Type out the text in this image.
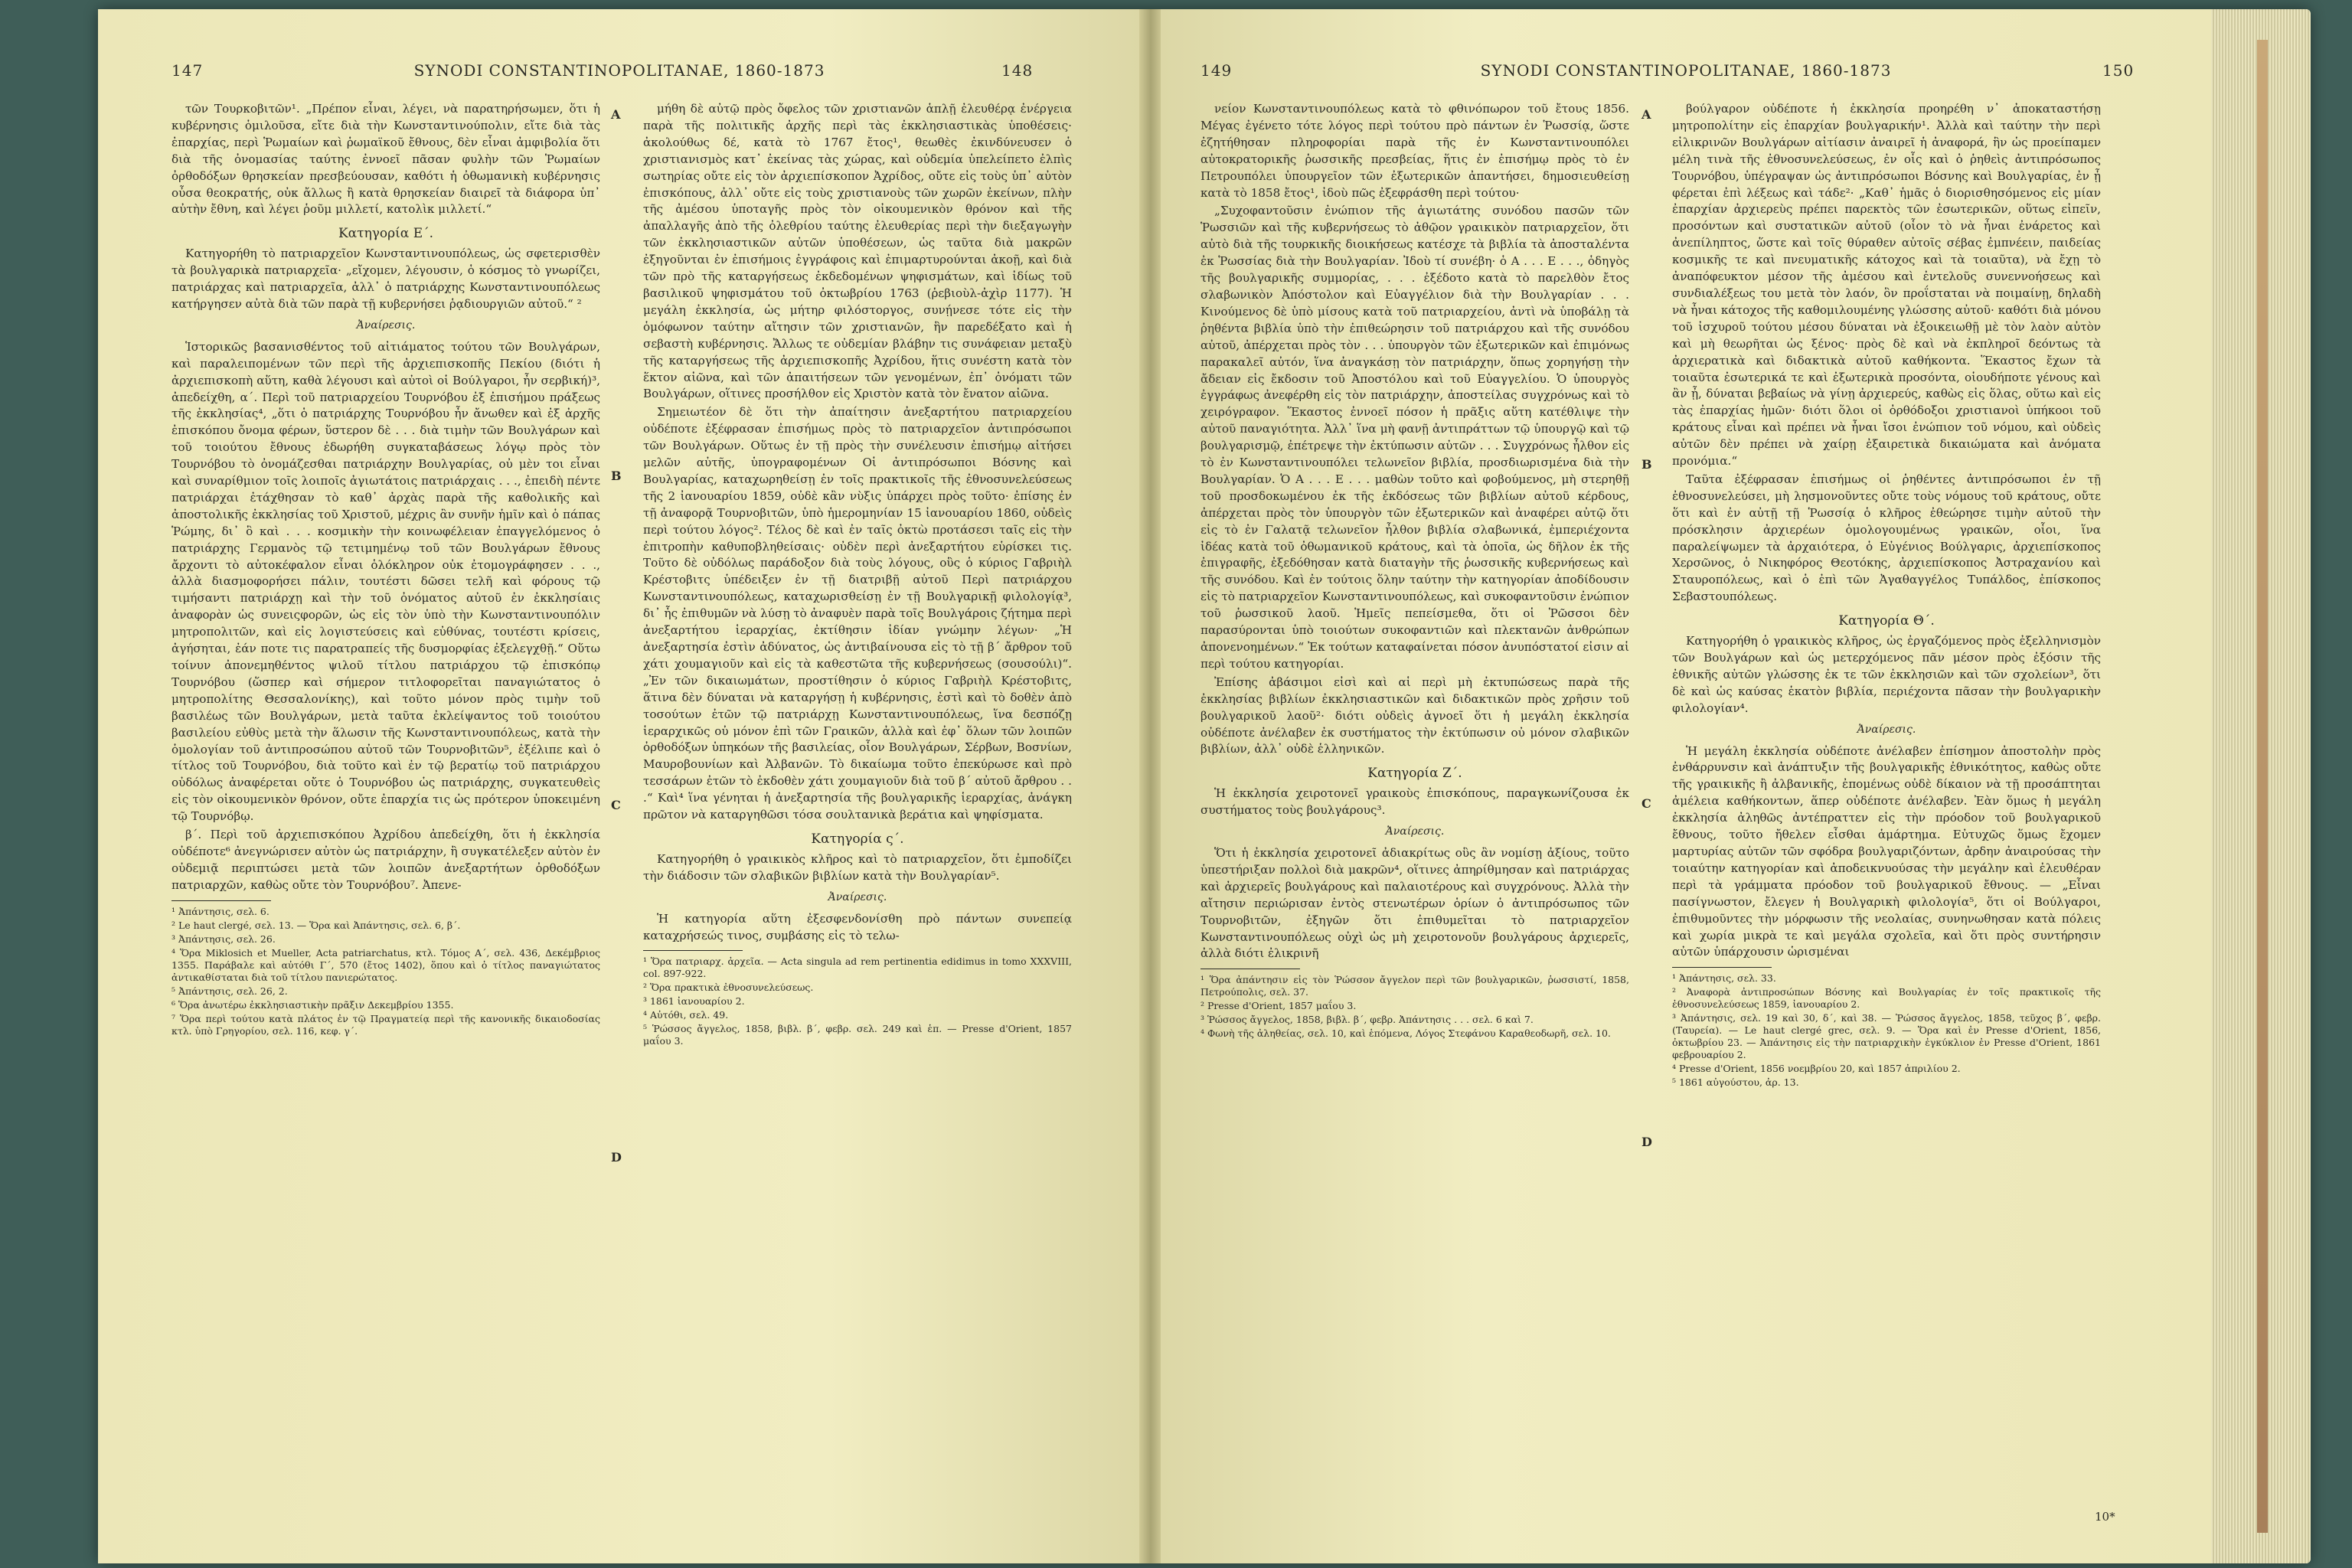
147	SYNODI CONSTANTINOPOLITANAE, 1860-1873	148

τῶν Τουρκοβιτῶν¹. „Πρέπον εἶναι, λέγει, νὰ παρατηρήσωμεν, ὅτι ἡ κυβέρνησις ὁμιλοῦσα, εἴτε διὰ τὴν Κωνσταντινούπολιν, εἴτε διὰ τὰς ἐπαρχίας, περὶ Ῥωμαίων καὶ ῥωμαϊκοῦ ἔθνους, δὲν εἶναι ἀμφιβολία ὅτι διὰ τῆς ὀνομασίας ταύτης ἐννοεῖ πᾶσαν φυλὴν τῶν Ῥωμαίων ὀρθοδόξων θρησκείαν πρεσβεύουσαν, καθότι ἡ ὀθωμανικὴ κυβέρνησις οὖσα θεοκρατής, οὐκ ἄλλως ἢ κατὰ θρησκείαν διαιρεῖ τὰ διάφορα ὑπ᾿ αὐτὴν ἔθνη, καὶ λέγει ῥοῦμ μιλλετί, κατολὶκ μιλλετί.“

Κατηγορία Ε΄.

Κατηγορήθη τὸ πατριαρχεῖον Κωνσταντινουπόλεως, ὡς σφετερισθὲν τὰ βουλγαρικὰ πατριαρχεῖα· „εἴχομεν, λέγουσιν, ὁ κόσμος τὸ γνωρίζει, πατριάρχας καὶ πατριαρχεῖα, ἀλλ᾿ ὁ πατριάρχης Κωνσταντινουπόλεως κατήργησεν αὐτὰ διὰ τῶν παρὰ τῇ κυβερνήσει ῥᾳδιουργιῶν αὐτοῦ.“ ²

Ἀναίρεσις.

Ἱστορικῶς βασανισθέντος τοῦ αἰτιάματος τούτου τῶν Βουλγάρων, καὶ παραλειπομένων τῶν περὶ τῆς ἀρχιεπισκοπῆς Πεκίου (διότι ἡ ἀρχιεπισκοπὴ αὕτη, καθὰ λέγουσι καὶ αὐτοὶ οἱ Βούλγαροι, ἦν σερβική)³, ἀπεδείχθη, α΄. Περὶ τοῦ πατριαρχείου Τουρνόβου ἐξ ἐπισήμου πράξεως τῆς ἐκκλησίας⁴, „ὅτι ὁ πατριάρχης Τουρνόβου ἦν ἄνωθεν καὶ ἐξ ἀρχῆς ἐπισκόπου ὄνομα φέρων, ὕστερον δὲ . . . διὰ τιμὴν τῶν Βουλγάρων καὶ τοῦ τοιούτου ἔθνους ἐδωρήθη συγκαταβάσεως λόγῳ πρὸς τὸν Τουρνόβου τὸ ὀνομάζεσθαι πατριάρχην Βουλγαρίας, οὐ μὲν τοι εἶναι καὶ συναρίθμιον τοῖς λοιποῖς ἀγιωτάτοις πατριάρχαις . . ., ἐπειδὴ πέντε πατριάρχαι ἐτάχθησαν τὸ καθ᾿ ἀρχὰς παρὰ τῆς καθολικῆς καὶ ἀποστολικῆς ἐκκλησίας τοῦ Χριστοῦ, μέχρις ἂν συνῆν ἡμῖν καὶ ὁ πάπας Ῥώμης, δι᾿ ὃ καὶ . . . κοσμικὴν τὴν κοινωφέλειαν ἐπαγγελόμενος ὁ πατριάρχης Γερμανὸς τῷ τετιμημένῳ τοῦ τῶν Βουλγάρων ἔθνους ἄρχοντι τὸ αὐτοκέφαλον εἶναι ὁλόκληρον οὐκ ἐτομογράφησεν . . ., ἀλλὰ διασμοφορήσει πάλιν, τουτέστι δῶσει τελῆ καὶ φόρους τῷ τιμήσαντι πατριάρχῃ καὶ τὴν τοῦ ὀνόματος αὐτοῦ ἐν ἐκκλησίαις ἀναφορὰν ὡς συνειςφορῶν, ὡς εἰς τὸν ὑπὸ τὴν Κωνσταντινουπόλιν μητροπολιτῶν, καὶ εἰς λογιστεύσεις καὶ εὐθύνας, τουτέστι κρίσεις, ἀγήσηται, ἐάν ποτε τις παρατραπείς τῆς δυσμορφίας ἐξελεγχθῇ.“ Οὕτω τοίνυν ἀπονεμηθέντος ψιλοῦ τίτλου πατριάρχου τῷ ἐπισκόπῳ Τουρνόβου (ὥσπερ καὶ σήμερον τιτλοφορεῖται παναγιώτατος ὁ μητροπολίτης Θεσσαλονίκης), καὶ τοῦτο μόνον πρὸς τιμὴν τοῦ βασιλέως τῶν Βουλγάρων, μετὰ ταῦτα ἐκλείψαντος τοῦ τοιούτου βασιλείου εὐθὺς μετὰ τὴν ἅλωσιν τῆς Κωνσταντινουπόλεως, κατὰ τὴν ὁμολογίαν τοῦ ἀντιπροσώπου αὐτοῦ τῶν Τουρνοβιτῶν⁵, ἐξέλιπε καὶ ὁ τίτλος τοῦ Τουρνόβου, διὰ τοῦτο καὶ ἐν τῷ βερατίῳ τοῦ πατριάρχου οὐδόλως ἀναφέρεται οὔτε ὁ Τουρνόβου ὡς πατριάρχης, συγκατευθεὶς εἰς τὸν οἰκουμενικὸν θρόνον, οὔτε ἐπαρχία τις ὡς πρότερον ὑποκειμένη τῷ Τουρνόβῳ.

β΄. Περὶ τοῦ ἀρχιεπισκόπου Ἀχρίδου ἀπεδείχθη, ὅτι ἡ ἐκκλησία οὐδέποτε⁶ ἀνεγνώρισεν αὐτὸν ὡς πατριάρχην, ἢ συγκατέλεξεν αὐτὸν ἐν οὐδεμιᾷ περιπτώσει μετὰ τῶν λοιπῶν ἀνεξαρτήτων ὀρθοδόξων πατριαρχῶν, καθὼς οὔτε τὸν Τουρνόβου⁷. Ἀπενε-

¹ Ἀπάντησις, σελ. 6.

² Le haut clergé, σελ. 13. — Ὅρα καὶ Ἀπάντησις, σελ. 6, β΄.

³ Ἀπάντησις, σελ. 26.

⁴ Ὅρα Miklosich et Mueller, Acta patriarchatus, κτλ. Τόμος Α΄, σελ. 436, Δεκέμβριος 1355. Παράβαλε καὶ αὐτόθι Γ΄, 570 (ἔτος 1402), ὅπου καὶ ὁ τίτλος παναγιώτατος ἀντικαθίσταται διὰ τοῦ τίτλου πανιερώτατος.

⁵ Ἀπάντησις, σελ. 26, 2.

⁶ Ὅρα ἀνωτέρω ἐκκλησιαστικὴν πρᾶξιν Δεκεμβρίου 1355.

⁷ Ὅρα περὶ τούτου κατὰ πλάτος ἐν τῷ Πραγματείᾳ περὶ τῆς κανονικῆς δικαιοδοσίας κτλ. ὑπὸ Γρηγορίου, σελ. 116, κεφ. γ΄.

μήθη δὲ αὐτῷ πρὸς ὄφελος τῶν χριστιανῶν ἁπλῇ ἐλευθέρᾳ ἐνέργεια παρὰ τῆς πολιτικῆς ἀρχῆς περὶ τὰς ἐκκλησιαστικὰς ὑποθέσεις· ἀκολούθως δέ, κατὰ τὸ 1767 ἔτος¹, θεωθὲς ἐκινδύνευσεν ὁ χριστιανισμὸς κατ᾿ ἐκείνας τὰς χώρας, καὶ οὐδεμία ὑπελείπετο ἐλπὶς σωτηρίας οὔτε εἰς τὸν ἀρχιεπίσκοπον Ἀχρίδος, οὔτε εἰς τοὺς ὑπ᾿ αὐτὸν ἐπισκόπους, ἀλλ᾿ οὔτε εἰς τοὺς χριστιανοὺς τῶν χωρῶν ἐκείνων, πλὴν τῆς ἀμέσου ὑποταγῆς πρὸς τὸν οἰκουμενικὸν θρόνον καὶ τῆς ἀπαλλαγῆς ἀπὸ τῆς ὀλεθρίου ταύτης ἐλευθερίας περὶ τὴν διεξαγωγὴν τῶν ἐκκλησιαστικῶν αὐτῶν ὑποθέσεων, ὡς ταῦτα διὰ μακρῶν ἐξηγοῦνται ἐν ἐπισήμοις ἐγγράφοις καὶ ἐπιμαρτυρούνται ἀκοῇ, καὶ διὰ τῶν πρὸ τῆς καταργήσεως ἐκδεδομένων ψηφισμάτων, καὶ ἰδίως τοῦ βασιλικοῦ ψηφισμάτου τοῦ ὀκτωβρίου 1763 (ῥεβιοὺλ-ἀχὶρ 1177). Ἡ μεγάλη ἐκκλησία, ὡς μήτηρ φιλόστοργος, συνῄνεσε τότε εἰς τὴν ὁμόφωνον ταύτην αἴτησιν τῶν χριστιανῶν, ἣν παρεδέξατο καὶ ἡ σεβαστὴ κυβέρνησις. Ἄλλως τε οὐδεμίαν βλάβην τις συνάφειαν μεταξὺ τῆς καταργήσεως τῆς ἀρχιεπισκοπῆς Ἀχρίδου, ἥτις συνέστη κατὰ τὸν ἕκτον αἰῶνα, καὶ τῶν ἀπαιτήσεων τῶν γενομένων, ἐπ᾿ ὀνόματι τῶν Βουλγάρων, οἵτινες προσήλθον εἰς Χριστὸν κατὰ τὸν ἔνατον αἰῶνα.

Σημειωτέον δὲ ὅτι τὴν ἀπαίτησιν ἀνεξαρτήτου πατριαρχείου οὐδέποτε ἐξέφρασαν ἐπισήμως πρὸς τὸ πατριαρχεῖον ἀντιπρόσωποι τῶν Βουλγάρων. Οὕτως ἐν τῇ πρὸς τὴν συνέλευσιν ἐπισήμῳ αἰτήσει μελῶν αὐτῆς, ὑπογραφομένων Οἱ ἀντιπρόσωποι Βόσνης καὶ Βουλγαρίας, καταχωρηθείσῃ ἐν τοῖς πρακτικοῖς τῆς ἐθνοσυνελεύσεως τῆς 2 ἰανουαρίου 1859, οὐδὲ κἂν νὺξις ὑπάρχει πρὸς τοῦτο· ἐπίσης ἐν τῇ ἀναφορᾷ Τουρνοβιτῶν, ὑπὸ ἡμερομηνίαν 15 ἰανουαρίου 1860, οὐδεὶς περὶ τούτου λόγος². Τέλος δὲ καὶ ἐν ταῖς ὀκτὼ προτάσεσι ταῖς εἰς τὴν ἐπιτροπὴν καθυποβληθείσαις· οὐδὲν περὶ ἀνεξαρτήτου εὑρίσκει τις. Τοῦτο δὲ οὐδόλως παράδοξον διὰ τοὺς λόγους, οὓς ὁ κύριος Γαβριὴλ Κρέστοβιτς ὑπέδειξεν ἐν τῇ διατριβῇ αὐτοῦ Περὶ πατριάρχου Κωνσταντινουπόλεως, καταχωρισθείσῃ ἐν τῇ Βουλγαρικῇ φιλολογίᾳ³, δι᾿ ἧς ἐπιθυμῶν νὰ λύσῃ τὸ ἀναφυὲν παρὰ τοῖς Βουλγάροις ζήτημα περὶ ἀνεξαρτήτου ἱεραρχίας, ἐκτίθησιν ἰδίαν γνώμην λέγων· „Ἡ ἀνεξαρτησία ἐστὶν ἀδύνατος, ὡς ἀντιβαίνουσα εἰς τὸ τῇ β΄ ἄρθρον τοῦ χάτι χουμαγιοῦν καὶ εἰς τὰ καθεστῶτα τῆς κυβερνήσεως (σουσούλι)“. „Ἐν τῶν δικαιωμάτων, προστίθησιν ὁ κύριος Γαβριὴλ Κρέστοβιτς, ἅτινα δὲν δύναται νὰ καταργήσῃ ἡ κυβέρνησις, ἐστὶ καὶ τὸ δοθὲν ἀπὸ τοσούτων ἐτῶν τῷ πατριάρχῃ Κωνσταντινουπόλεως, ἵνα δεσπόζῃ ἱεραρχικῶς οὐ μόνον ἐπὶ τῶν Γραικῶν, ἀλλὰ καὶ ἐφ᾿ ὅλων τῶν λοιπῶν ὀρθοδόξων ὑπηκόων τῆς βασιλείας, οἷον Βουλγάρων, Σέρβων, Βοσνίων, Μαυροβουνίων καὶ Ἀλβανῶν. Τὸ δικαίωμα τοῦτο ἐπεκύρωσε καὶ πρὸ τεσσάρων ἐτῶν τὸ ἐκδοθὲν χάτι χουμαγιοῦν διὰ τοῦ β΄ αὐτοῦ ἄρθρου . . .“ Καὶ⁴ ἵνα γένηται ἡ ἀνεξαρτησία τῆς βουλγαρικῆς ἱεραρχίας, ἀνάγκη πρῶτον νὰ καταργηθῶσι τόσα σουλτανικὰ βεράτια καὶ ψηφίσματα.

Κατηγορία ς΄.

Κατηγορήθη ὁ γραικικὸς κλῆρος καὶ τὸ πατριαρχεῖον, ὅτι ἐμποδίζει τὴν διάδοσιν τῶν σλαβικῶν βιβλίων κατὰ τὴν Βουλγαρίαν⁵.

Ἀναίρεσις.

Ἡ κατηγορία αὕτη ἐξεσφενδονίσθη πρὸ πάντων συνεπείᾳ καταχρήσεώς τινος, συμβάσης εἰς τὸ τελω-

¹ Ὅρα πατριαρχ. ἀρχεῖα. — Acta singula ad rem pertinentia edidimus in tomo XXXVIII, col. 897-922.

² Ὅρα πρακτικὰ ἐθνοσυνελεύσεως.

³ 1861 ἰανουαρίου 2.

⁴ Αὐτόθι, σελ. 49.

⁵ Ῥώσσος ἄγγελος, 1858, βιβλ. β΄, φεβρ. σελ. 249 καὶ ἑπ. — Presse d'Orient, 1857 μαΐου 3.

A
B
C
D
149	SYNODI CONSTANTINOPOLITANAE, 1860-1873	150

νείον Κωνσταντινουπόλεως κατὰ τὸ φθινόπωρον τοῦ ἔτους 1856. Μέγας ἐγένετο τότε λόγος περὶ τούτου πρὸ πάντων ἐν Ῥωσσίᾳ, ὥστε ἐζητήθησαν πληροφορίαι παρὰ τῆς ἐν Κωνσταντινουπόλει αὐτοκρατορικῆς ῥωσσικῆς πρεσβείας, ἥτις ἐν ἐπισήμῳ πρὸς τὸ ἐν Πετρουπόλει ὑπουργεῖον τῶν ἐξωτερικῶν ἀπαντήσει, δημοσιευθείσῃ κατὰ τὸ 1858 ἔτος¹, ἰδοὺ πῶς ἐξεφράσθη περὶ τούτου·

„Συχοφαντοῦσιν ἐνώπιον τῆς ἁγιωτάτης συνόδου πασῶν τῶν Ῥωσσιῶν καὶ τῆς κυβερνήσεως τὸ ἀθῷον γραικικὸν πατριαρχεῖον, ὅτι αὐτὸ διὰ τῆς τουρκικῆς διοικήσεως κατέσχε τὰ βιβλία τὰ ἀποσταλέντα ἐκ Ῥωσσίας διὰ τὴν Βουλγαρίαν. Ἰδοὺ τί συνέβη· ὁ Α . . . Ε . . ., ὁδηγὸς τῆς βουλγαρικῆς συμμορίας, . . . ἐξέδοτο κατὰ τὸ παρελθὸν ἔτος σλαβωνικὸν Ἀπόστολον καὶ Εὐαγγέλιον διὰ τὴν Βουλγαρίαν . . . Κινούμενος δὲ ὑπὸ μίσους κατὰ τοῦ πατριαρχείου, ἀντὶ νὰ ὑποβάλῃ τὰ ῥηθέντα βιβλία ὑπὸ τὴν ἐπιθεώρησιν τοῦ πατριάρχου καὶ τῆς συνόδου αὐτοῦ, ἀπέρχεται πρὸς τὸν . . . ὑπουργὸν τῶν ἐξωτερικῶν καὶ ἐπιμόνως παρακαλεῖ αὐτόν, ἵνα ἀναγκάσῃ τὸν πατριάρχην, ὅπως χορηγήσῃ τὴν ἄδειαν εἰς ἔκδοσιν τοῦ Ἀποστόλου καὶ τοῦ Εὐαγγελίου. Ὁ ὑπουργὸς ἐγγράφως ἀνεφέρθη εἰς τὸν πατριάρχην, ἀποστείλας συγχρόνως καὶ τὸ χειρόγραφον. Ἕκαστος ἐννοεῖ πόσον ἡ πρᾶξις αὕτη κατέθλιψε τὴν αὐτοῦ παναγιότητα. Ἀλλ᾿ ἵνα μὴ φανῇ ἀντιπράττων τῷ ὑπουργῷ καὶ τῷ βουλγαρισμῷ, ἐπέτρεψε τὴν ἐκτύπωσιν αὐτῶν . . . Συγχρόνως ἦλθον εἰς τὸ ἐν Κωνσταντινουπόλει τελωνεῖον βιβλία, προσδιωρισμένα διὰ τὴν Βουλγαρίαν. Ὁ Α . . . Ε . . . μαθὼν τοῦτο καὶ φοβούμενος, μὴ στερηθῇ τοῦ προσδοκωμένου ἐκ τῆς ἐκδόσεως τῶν βιβλίων αὐτοῦ κέρδους, ἀπέρχεται πρὸς τὸν ὑπουργὸν τῶν ἐξωτερικῶν καὶ ἀναφέρει αὐτῷ ὅτι εἰς τὸ ἐν Γαλατᾷ τελωνεῖον ἦλθον βιβλία σλαβωνικά, ἐμπεριέχοντα ἰδέας κατὰ τοῦ ὀθωμανικοῦ κράτους, καὶ τὰ ὁποῖα, ὡς δῆλον ἐκ τῆς ἐπιγραφῆς, ἐξεδόθησαν κατὰ διαταγὴν τῆς ῥωσσικῆς κυβερνήσεως καὶ τῆς συνόδου. Καὶ ἐν τούτοις ὅλην ταύτην τὴν κατηγορίαν ἀποδίδουσιν εἰς τὸ πατριαρχεῖον Κωνσταντινουπόλεως, καὶ συκοφαντοῦσιν ἐνώπιον τοῦ ῥωσσικοῦ λαοῦ. Ἡμεῖς πεπείσμεθα, ὅτι οἱ Ῥῶσσοι δὲν παρασύρονται ὑπὸ τοιούτων συκοφαντιῶν καὶ πλεκτανῶν ἀνθρώπων ἀπονενοημένων.“ Ἐκ τούτων καταφαίνεται πόσον ἀνυπόστατοί εἰσιν αἱ περὶ τούτου κατηγορίαι.

Ἐπίσης ἀβάσιμοι εἰσὶ καὶ αἱ περὶ μὴ ἐκτυπώσεως παρὰ τῆς ἐκκλησίας βιβλίων ἐκκλησιαστικῶν καὶ διδακτικῶν πρὸς χρῆσιν τοῦ βουλγαρικοῦ λαοῦ²· διότι οὐδεὶς ἀγνοεῖ ὅτι ἡ μεγάλη ἐκκλησία οὐδέποτε ἀνέλαβεν ἐκ συστήματος τὴν ἐκτύπωσιν οὐ μόνον σλαβικῶν βιβλίων, ἀλλ᾿ οὐδὲ ἑλληνικῶν.

Κατηγορία Ζ΄.

Ἡ ἐκκλησία χειροτονεῖ γραικοὺς ἐπισκόπους, παραγκωνίζουσα ἐκ συστήματος τοὺς βουλγάρους³.

Ἀναίρεσις.

Ὅτι ἡ ἐκκλησία χειροτονεῖ ἀδιακρίτως οὓς ἂν νομίσῃ ἀξίους, τοῦτο ὑπεστήριξαν πολλοὶ διὰ μακρῶν⁴, οἵτινες ἀπηρίθμησαν καὶ πατριάρχας καὶ ἀρχιερεῖς βουλγάρους καὶ παλαιοτέρους καὶ συγχρόνους. Ἀλλὰ τὴν αἴτησιν περιώρισαν ἐντὸς στενωτέρων ὁρίων ὁ ἀντιπρόσωπος τῶν Τουρνοβιτῶν, ἐξηγῶν ὅτι ἐπιθυμεῖται τὸ πατριαρχεῖον Κωνσταντινουπόλεως οὐχὶ ὡς μὴ χειροτονοῦν βουλγάρους ἀρχιερεῖς, ἀλλὰ διότι ἐλικρινῆ

¹ Ὅρα ἀπάντησιν εἰς τὸν Ῥώσσον ἄγγελον περὶ τῶν βουλγαρικῶν, ῥωσσιστί, 1858, Πετρούπολις, σελ. 37.

² Presse d'Orient, 1857 μαΐου 3.

³ Ῥώσσος ἄγγελος, 1858, βιβλ. β΄, φεβρ. Ἀπάντησις . . . σελ. 6 καὶ 7.

⁴ Φωνὴ τῆς ἀληθείας, σελ. 10, καὶ ἑπόμενα, Λόγος Στεφάνου Καραθεοδωρῆ, σελ. 10.

βούλγαρον οὐδέποτε ἡ ἐκκλησία προηρέθη ν᾿ ἀποκαταστήσῃ μητροπολίτην εἰς ἐπαρχίαν βουλγαρικήν¹. Ἀλλὰ καὶ ταύτην τὴν περὶ εἰλικρινῶν Βουλγάρων αἰτίασιν ἀναιρεῖ ἡ ἀναφορά, ἣν ὡς προείπαμεν μέλη τινὰ τῆς ἐθνοσυνελεύσεως, ἐν οἷς καὶ ὁ ῥηθεὶς ἀντιπρόσωπος Τουρνόβου, ὑπέγραψαν ὡς ἀντιπρόσωποι Βόσνης καὶ Βουλγαρίας, ἐν ᾗ φέρεται ἐπὶ λέξεως καὶ τάδε²· „Καθ᾿ ἡμᾶς ὁ διορισθησόμενος εἰς μίαν ἐπαρχίαν ἀρχιερεὺς πρέπει παρεκτὸς τῶν ἐσωτερικῶν, οὕτως εἰπεῖν, προσόντων καὶ συστατικῶν αὐτοῦ (οἷον τὸ νὰ ἦναι ἐνάρετος καὶ ἀνεπίληπτος, ὥστε καὶ τοῖς θύραθεν αὐτοῖς σέβας ἐμπνέειν, παιδείας κοσμικῆς τε καὶ πνευματικῆς κάτοχος καὶ τὰ τοιαῦτα), νὰ ἔχῃ τὸ ἀναπόφευκτον μέσον τῆς ἀμέσου καὶ ἐντελοῦς συνεννοήσεως καὶ συνδιαλέξεως του μετὰ τὸν λαόν, ὃν προΐσταται νὰ ποιμαίνῃ, δηλαδὴ νὰ ἦναι κάτοχος τῆς καθομιλουμένης γλώσσης αὐτοῦ· καθότι διὰ μόνου τοῦ ἰσχυροῦ τούτου μέσου δύναται νὰ ἐξοικειωθῇ μὲ τὸν λαὸν αὐτὸν καὶ μὴ θεωρῆται ὡς ξένος· πρὸς δὲ καὶ νὰ ἐκπληροῖ δεόντως τὰ ἀρχιερατικὰ καὶ διδακτικὰ αὐτοῦ καθήκοντα. Ἕκαστος ἔχων τὰ τοιαῦτα ἐσωτερικά τε καὶ ἐξωτερικὰ προσόντα, οἱουδήποτε γένους καὶ ἂν ᾖ, δύναται βεβαίως νὰ γίνῃ ἀρχιερεύς, καθὼς εἰς ὅλας, οὕτω καὶ εἰς τὰς ἐπαρχίας ἡμῶν· διότι ὅλοι οἱ ὀρθόδοξοι χριστιανοὶ ὑπήκοοι τοῦ κράτους εἶναι καὶ πρέπει νὰ ἦναι ἴσοι ἐνώπιον τοῦ νόμου, καὶ οὐδεὶς αὐτῶν δὲν πρέπει νὰ χαίρῃ ἐξαιρετικὰ δικαιώματα καὶ ἀνόματα προνόμια.“

Ταῦτα ἐξέφρασαν ἐπισήμως οἱ ῥηθέντες ἀντιπρόσωποι ἐν τῇ ἐθνοσυνελεύσει, μὴ λησμονοῦντες οὔτε τοὺς νόμους τοῦ κράτους, οὔτε ὅτι καὶ ἐν αὐτῇ τῇ Ῥωσσίᾳ ὁ κλῆρος ἐθεώρησε τιμὴν αὐτοῦ τὴν πρόσκλησιν ἀρχιερέων ὁμολογουμένως γραικῶν, οἷοι, ἵνα παραλείψωμεν τὰ ἀρχαιότερα, ὁ Εὐγένιος Βούλγαρις, ἀρχιεπίσκοπος Χερσῶνος, ὁ Νικηφόρος Θεοτόκης, ἀρχιεπίσκοπος Ἀστραχανίου καὶ Σταυροπόλεως, καὶ ὁ ἐπὶ τῶν Ἀγαθαγγέλος Τυπάλδος, ἐπίσκοπος Σεβαστουπόλεως.

Κατηγορία Θ΄.

Κατηγορήθη ὁ γραικικὸς κλῆρος, ὡς ἐργαζόμενος πρὸς ἐξελληνισμὸν τῶν Βουλγάρων καὶ ὡς μετερχόμενος πᾶν μέσον πρὸς ἐξόσιν τῆς ἐθνικῆς αὐτῶν γλώσσης ἐκ τε τῶν ἐκκλησιῶν καὶ τῶν σχολείων³, ὅτι δὲ καὶ ὡς καύσας ἑκατὸν βιβλία, περιέχοντα πᾶσαν τὴν βουλγαρικὴν φιλολογίαν⁴.

Ἀναίρεσις.

Ἡ μεγάλη ἐκκλησία οὐδέποτε ἀνέλαβεν ἐπίσημον ἀποστολὴν πρὸς ἐνθάρρυνσιν καὶ ἀνάπτυξιν τῆς βουλγαρικῆς ἐθνικότητος, καθὼς οὔτε τῆς γραικικῆς ἢ ἀλβανικῆς, ἐπομένως οὐδὲ δίκαιον νὰ τῇ προσάπτηται ἀμέλεια καθήκοντων, ἅπερ οὐδέποτε ἀνέλαβεν. Ἐὰν ὅμως ἡ μεγάλη ἐκκλησία ἀληθῶς ἀντέπραττεν εἰς τὴν πρόοδον τοῦ βουλγαρικοῦ ἔθνους, τοῦτο ἤθελεν εἶσθαι ἁμάρτημα. Εὐτυχῶς ὅμως ἔχομεν μαρτυρίας αὐτῶν τῶν σφόδρα βουλγαριζόντων, ἀρδην ἀναιρούσας τὴν τοιαύτην κατηγορίαν καὶ ἀποδεικνυούσας τὴν μεγάλην καὶ ἐλευθέραν περὶ τὰ γράμματα πρόοδον τοῦ βουλγαρικοῦ ἔθνους. — „Εἶναι πασίγνωστον, ἔλεγεν ἡ Βουλγαρικὴ φιλολογία⁵, ὅτι οἱ Βούλγαροι, ἐπιθυμοῦντες τὴν μόρφωσιν τῆς νεολαίας, συνηνωθησαν κατὰ πόλεις καὶ χωρία μικρὰ τε καὶ μεγάλα σχολεῖα, καὶ ὅτι πρὸς συντήρησιν αὐτῶν ὑπάρχουσιν ὡρισμέναι

¹ Ἀπάντησις, σελ. 33.

² Ἀναφορὰ ἀντιπροσώπων Βόσνης καὶ Βουλγαρίας ἐν τοῖς πρακτικοῖς τῆς ἐθνοσυνελεύσεως 1859, ἰανουαρίου 2.

³ Ἀπάντησις, σελ. 19 καὶ 30, δ΄, καὶ 38. — Ῥώσσος ἄγγελος, 1858, τεῦχος β΄, φεβρ. (Ταυρεία). — Le haut clergé grec, σελ. 9. — Ὅρα καὶ ἐν Presse d'Orient, 1856, ὀκτωβρίου 23. — Ἀπάντησις εἰς τὴν πατριαρχικὴν ἐγκύκλιον ἐν Presse d'Orient, 1861 φεβρουαρίου 2.

⁴ Presse d'Orient, 1856 νοεμβρίου 20, καὶ 1857 ἀπριλίου 2.

⁵ 1861 αὐγούστου, ἀρ. 13.

A
B
C
D
10*
